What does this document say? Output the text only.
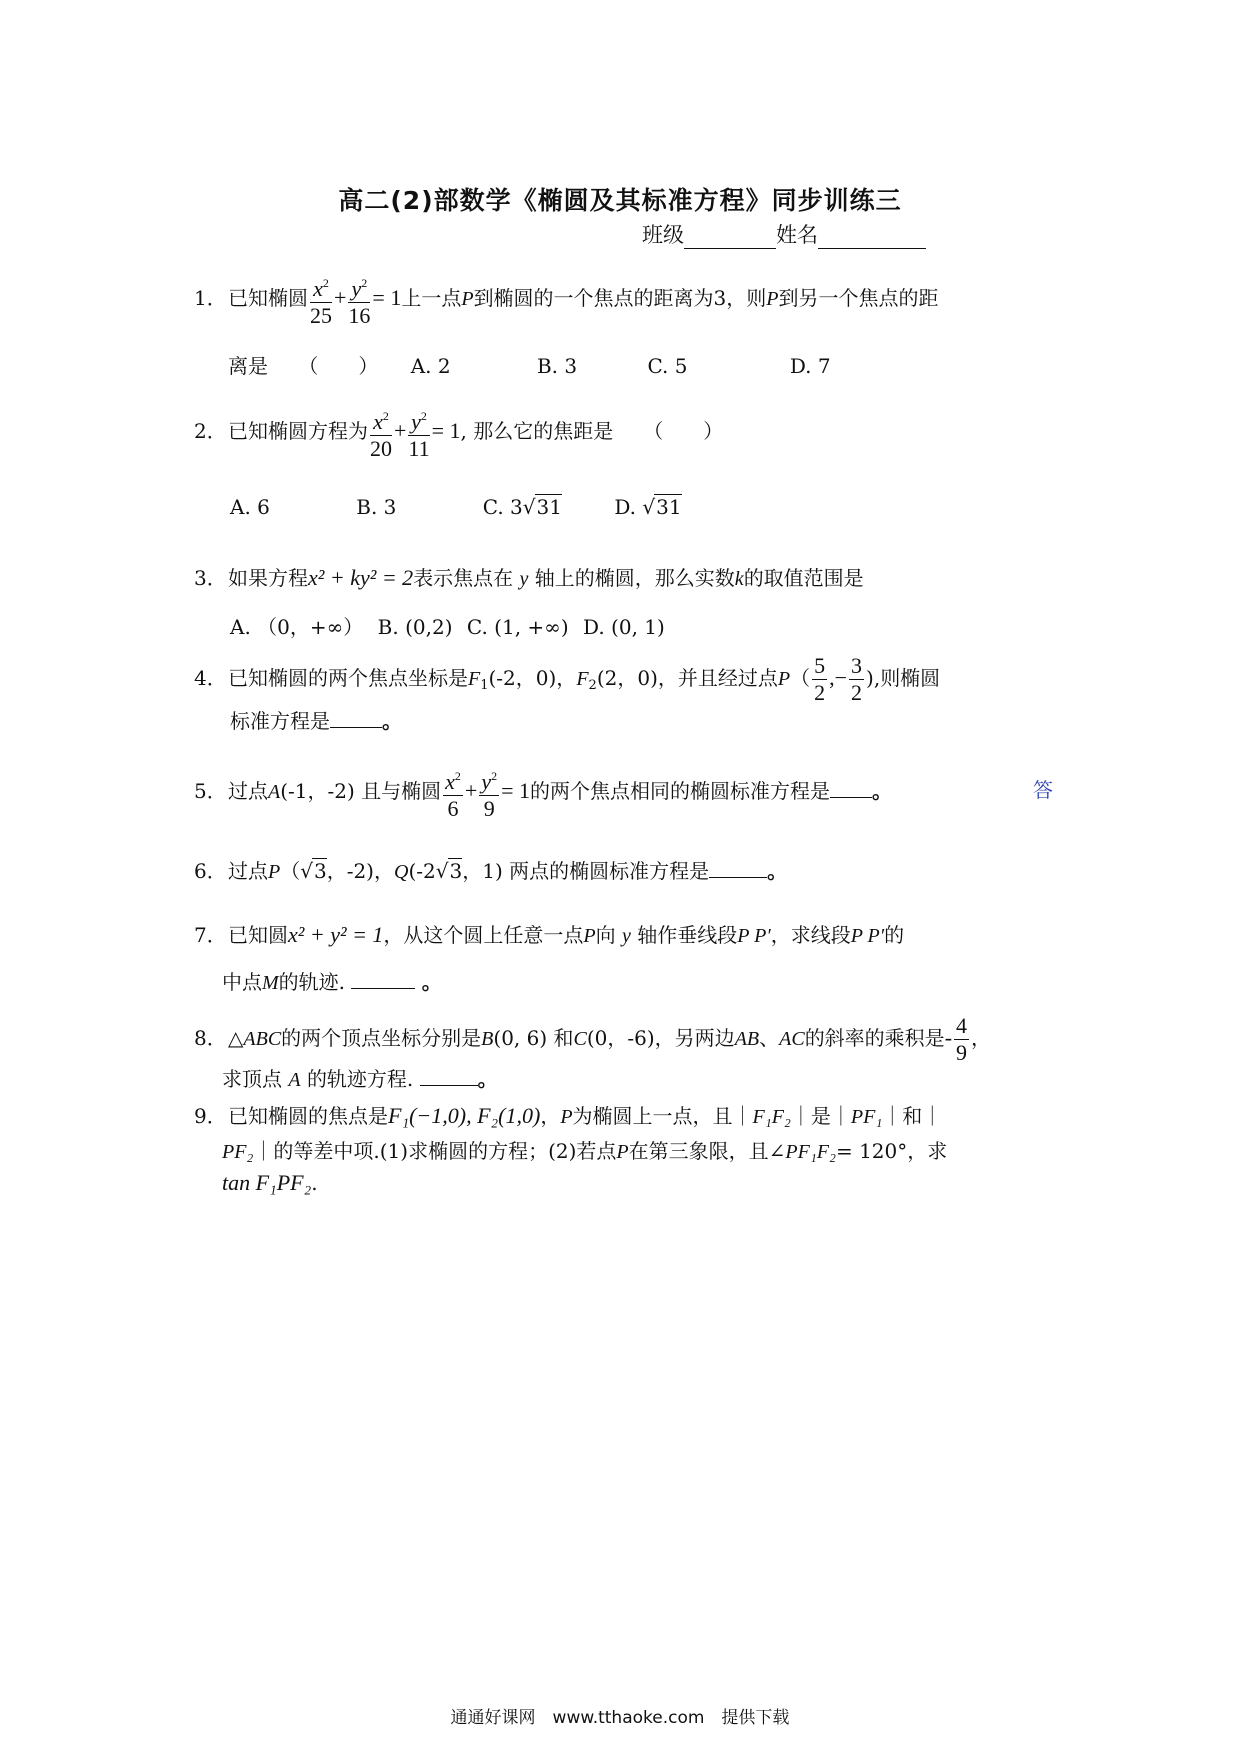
高二(2)部数学《椭圆及其标准方程》同步训练三
班级	姓名
1．已知椭圆 $\frac{x^2}{25} + \frac{y^2}{16} = 1$上一点P到椭圆的一个焦点的距离为3，则P到另一个焦点的距
离是 （　　） A. 2	B. 3	C. 5	D. 7
2．已知椭圆方程为 $\frac{x^2}{20} + \frac{y^2}{11} = 1$, 那么它的焦距是 （　　）
A. 6	B. 3	C. 3√31	D. √31
3．如果方程x² + ky² = 2表示焦点在 y 轴上的椭圆，那么实数k的取值范围是
A. （0，+∞） B. (0,2) C. (1, +∞) D. (0, 1)
4．已知椭圆的两个焦点坐标是$F_1(-2$，0)，$F_2(2$，0)，并且经过点$P( \frac{5}{2}$ ,− $\frac{3}{2}$ ),则椭圆
标准方程是	。
5．过点A(-1，-2) 且与椭圆 $\frac{x^2}{6} + \frac{y^2}{9} = 1$的两个焦点相同的椭圆标准方程是 。	答
6．过点P（√3，-2)，Q(-2√3，1) 两点的椭圆标准方程是	。
7．已知圆x² + y² = 1，从这个圆上任意一点P向 y 轴作垂线段P P′，求线段P P′的
中点M的轨迹.	。
8．△ABC的两个顶点坐标分别是B(0, 6) 和C(0，-6)，另两边AB、AC的斜率的乘积是- $\frac{4}{9}$ ，
求顶点 A 的轨迹方程.	。
9．已知椭圆的焦点是F₁(−1,0), F₂(1,0)，P为椭圆上一点，且｜F₁F₂｜是｜PF₁｜和｜
PF₂｜的等差中项.(1)求椭圆的方程；(2)若点P在第三象限，且∠PF₁F₂= 120°，求
tan F₁PF₂.
通通好课网　www.tthaoke.com　提供下载
